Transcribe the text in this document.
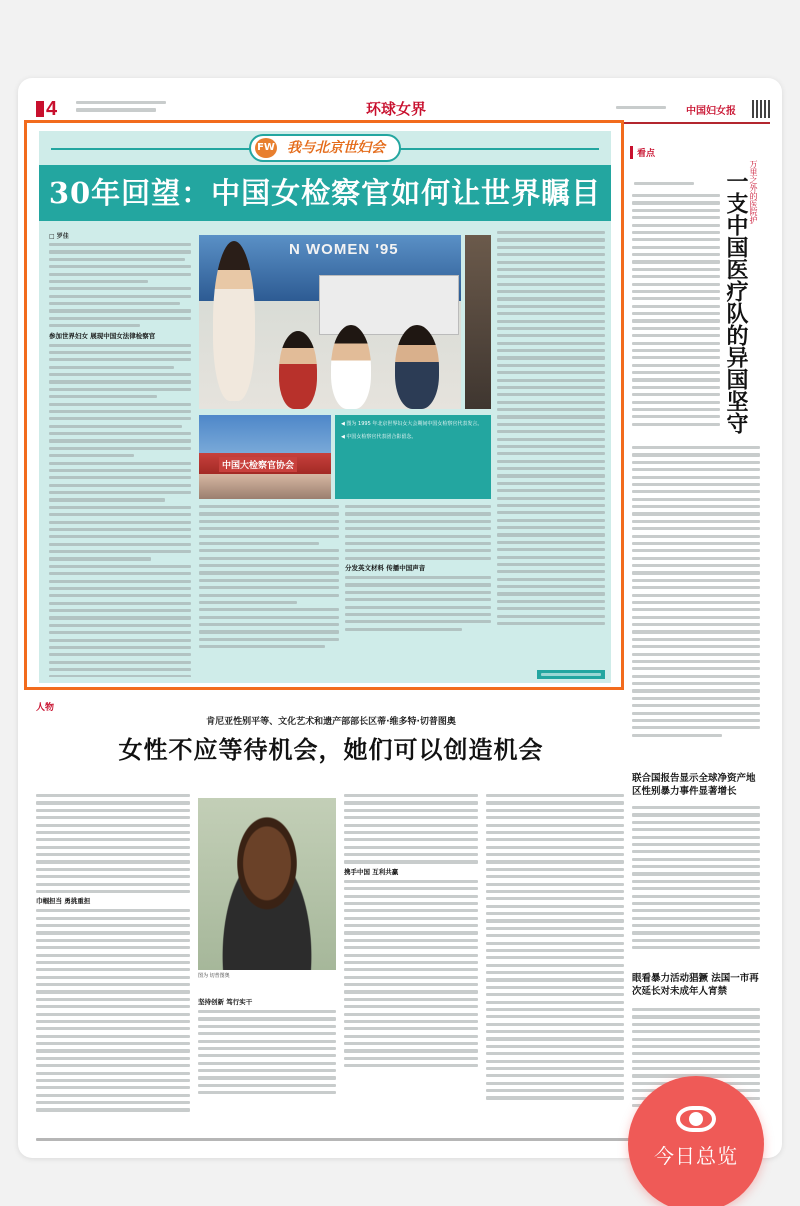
4	环球女界	中国妇女报
FW 我与北京世妇会
30年回望：中国女检察官如何让世界瞩目
□ 罗佳
参加世界妇女 展现中国女法律检察官
N WOMEN '95
中国大检察官协会
◀ 图为 1995 年北京世界妇女大会期间中国女检察官代表发言。
◀ 中国女检察官代表团合影留念。
分发英文材料 传播中国声音
看点
万里之外的医院护
一支中国医疗队的异国坚守
联合国报告显示全球净资产地区性别暴力事件显著增长
眼看暴力活动猖獗 法国一市再次延长对未成年人宵禁
人物
肯尼亚性别平等、文化艺术和遗产部部长区蒂·维多特·切普图奥
女性不应等待机会，她们可以创造机会
巾帼担当 勇挑重担
图为 切普图奥
坚持创新 笃行实干
携手中国 互利共赢
今日总览
